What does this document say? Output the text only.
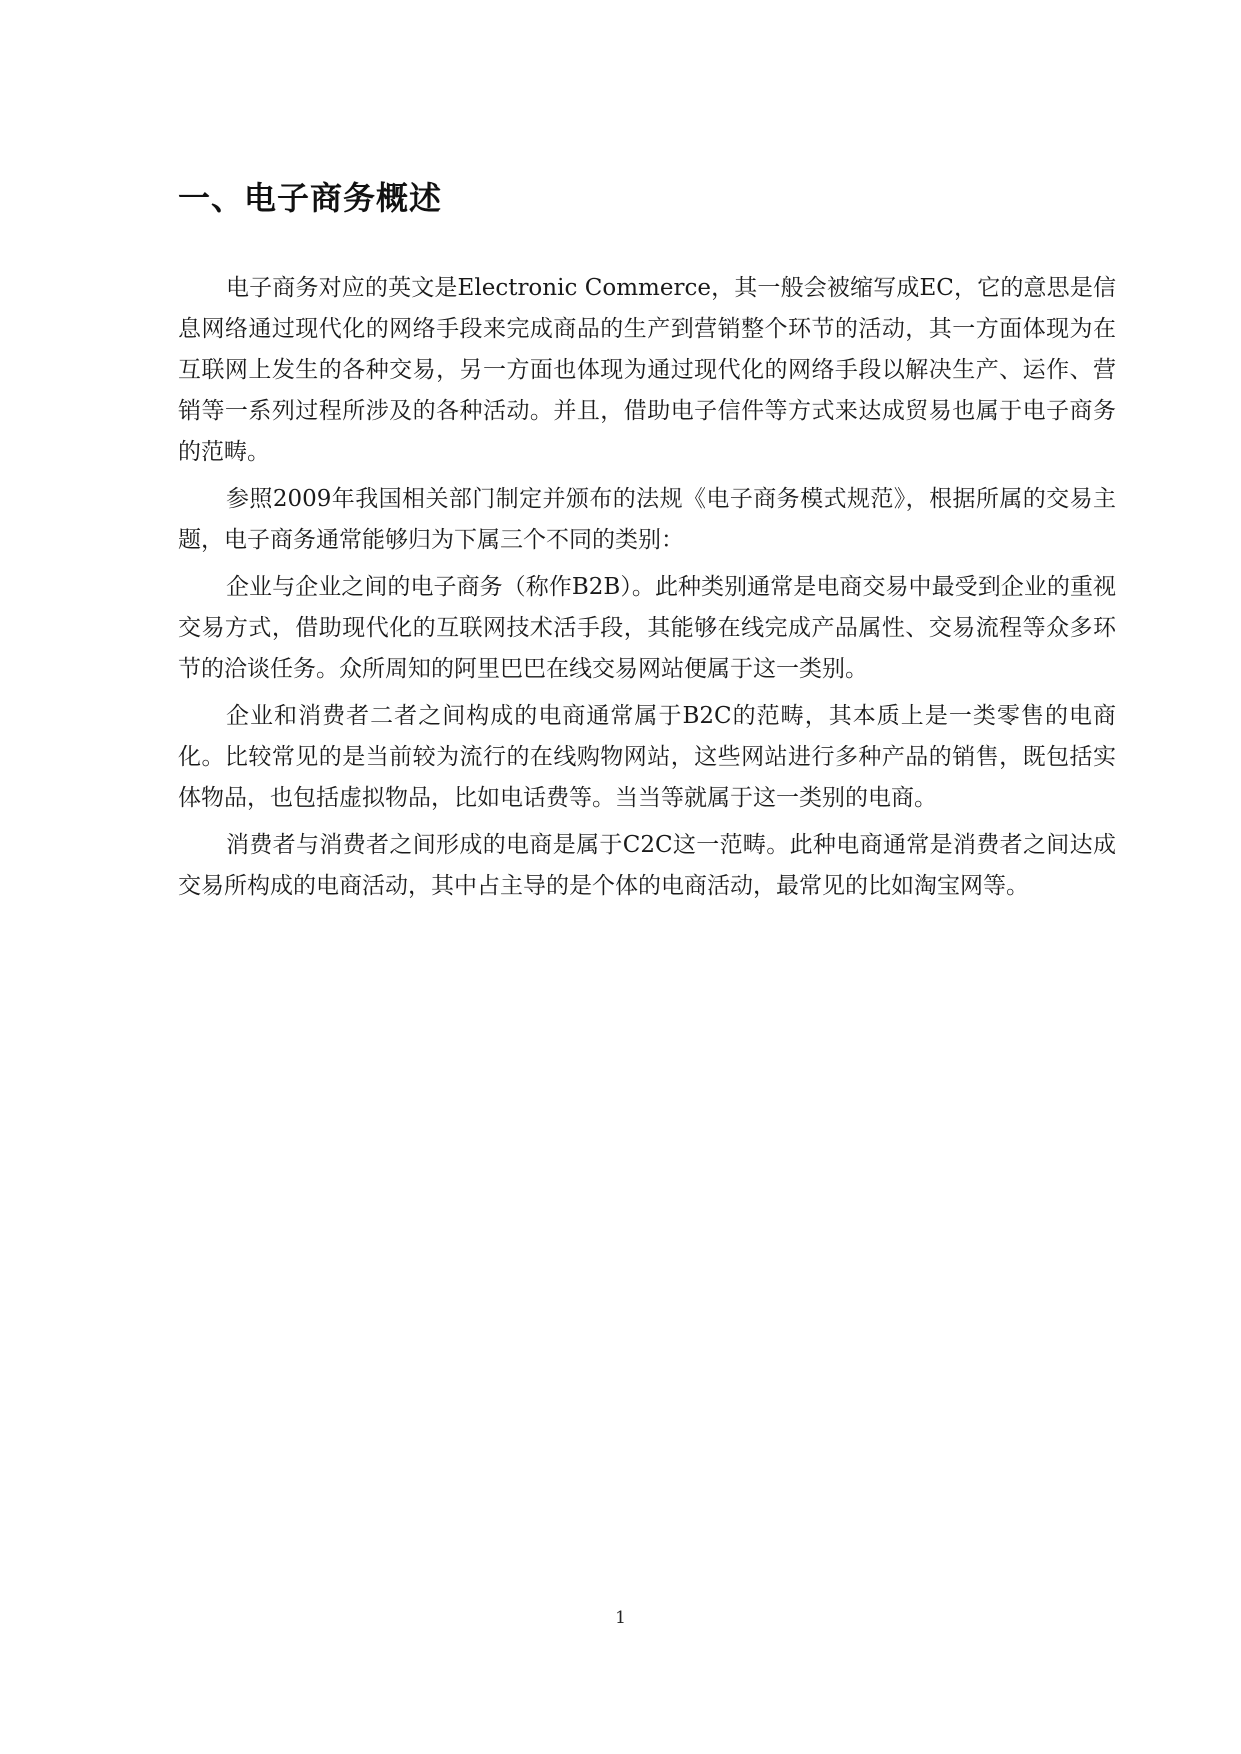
一、电子商务概述

电子商务对应的英文是Electronic Commerce，其一般会被缩写成EC，它的意思是信息网络通过现代化的网络手段来完成商品的生产到营销整个环节的活动，其一方面体现为在互联网上发生的各种交易，另一方面也体现为通过现代化的网络手段以解决生产、运作、营销等一系列过程所涉及的各种活动。并且，借助电子信件等方式来达成贸易也属于电子商务的范畴。

参照2009年我国相关部门制定并颁布的法规《电子商务模式规范》，根据所属的交易主题，电子商务通常能够归为下属三个不同的类别：

企业与企业之间的电子商务（称作B2B）。此种类别通常是电商交易中最受到企业的重视交易方式，借助现代化的互联网技术活手段，其能够在线完成产品属性、交易流程等众多环节的洽谈任务。众所周知的阿里巴巴在线交易网站便属于这一类别。

企业和消费者二者之间构成的电商通常属于B2C的范畴，其本质上是一类零售的电商化。比较常见的是当前较为流行的在线购物网站，这些网站进行多种产品的销售，既包括实体物品，也包括虚拟物品，比如电话费等。当当等就属于这一类别的电商。

消费者与消费者之间形成的电商是属于C2C这一范畴。此种电商通常是消费者之间达成交易所构成的电商活动，其中占主导的是个体的电商活动，最常见的比如淘宝网等。

1
